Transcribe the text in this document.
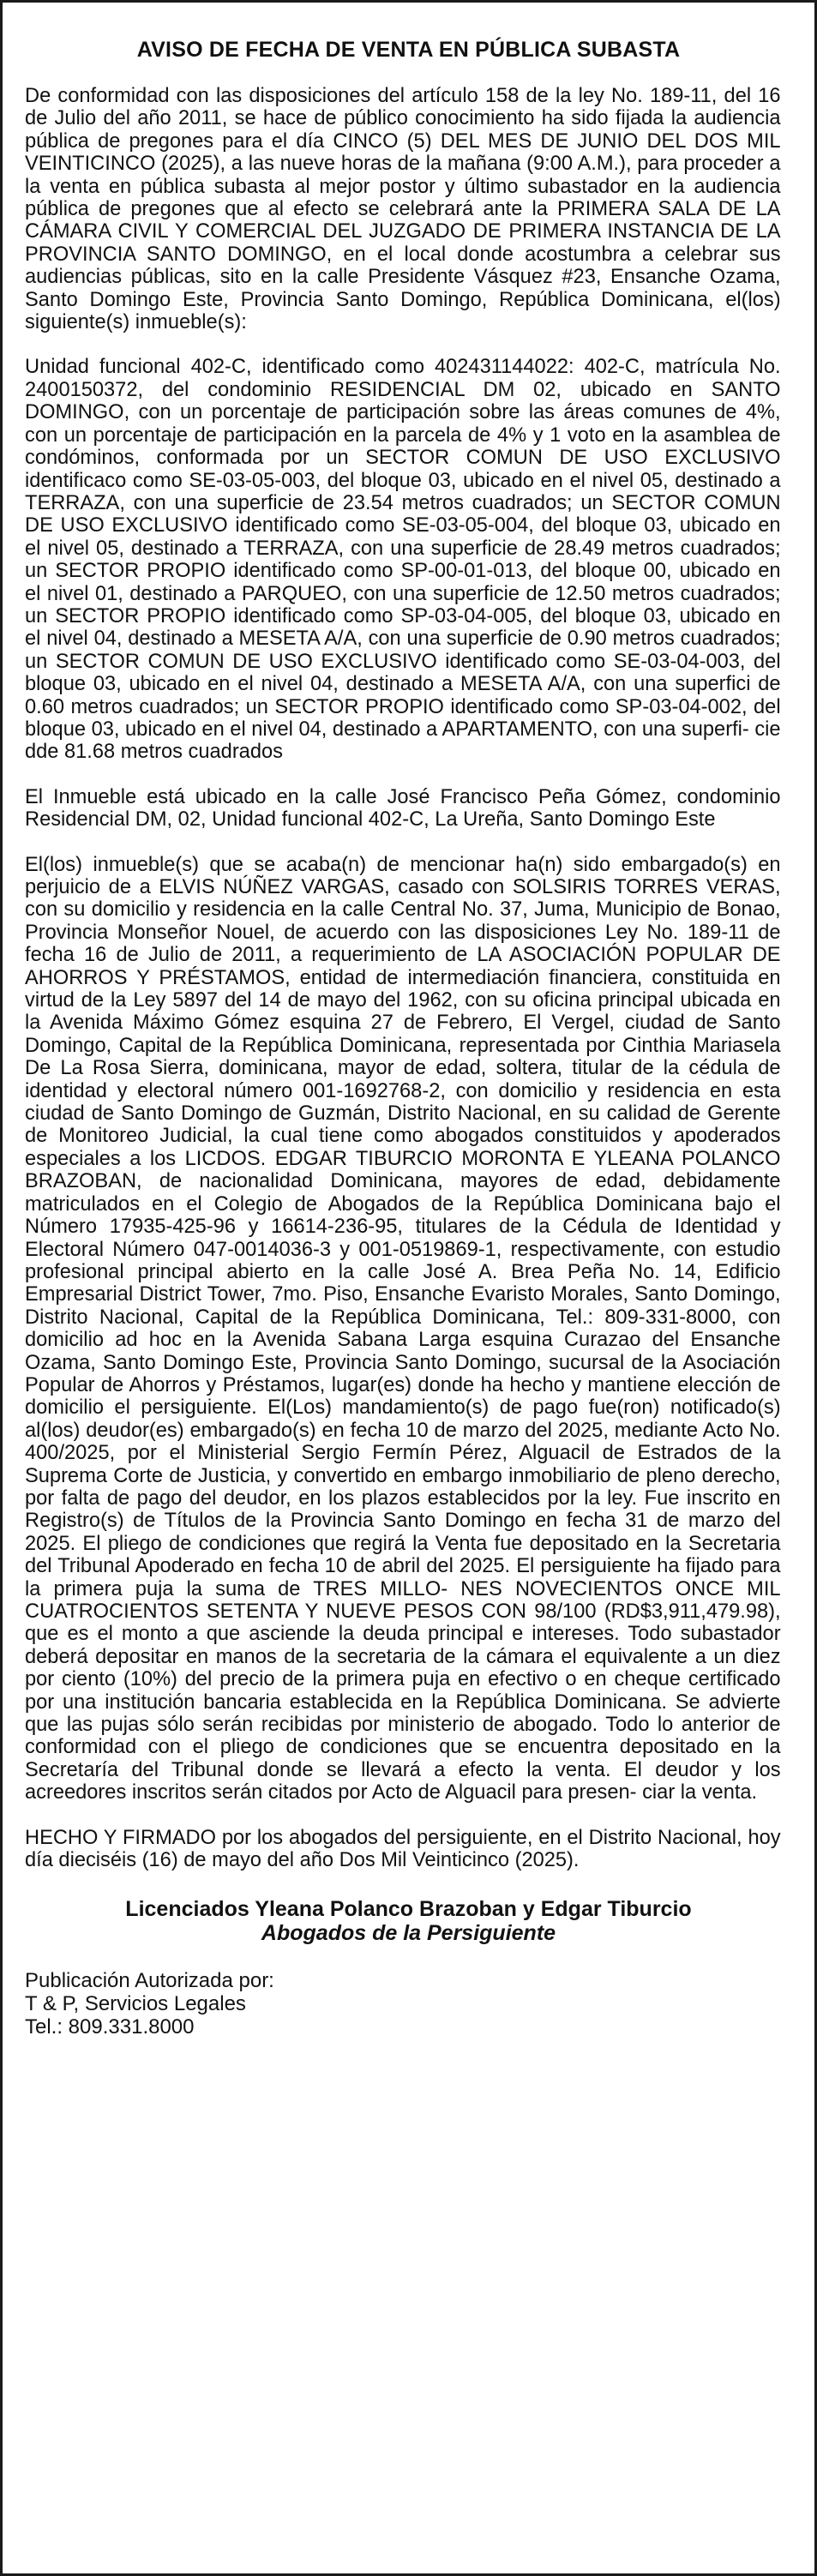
AVISO DE FECHA DE VENTA EN PÚBLICA SUBASTA

De conformidad con las disposiciones del artículo 158 de la ley No. 189-11, del 16 de Julio del año 2011, se hace de público conocimiento ha sido fijada la audiencia pública de pregones para el día CINCO (5) DEL MES DE JUNIO DEL DOS MIL VEINTICINCO (2025), a las nueve horas de la mañana (9:00 A.M.), para proceder a la venta en pública subasta al mejor postor y último subastador en la audiencia pública de pregones que al efecto se celebrará ante la PRIMERA SALA DE LA CÁMARA CIVIL Y COMERCIAL DEL JUZGADO DE PRIMERA INSTANCIA DE LA PROVINCIA SANTO DOMINGO, en el local donde acostumbra a celebrar sus audiencias públicas, sito en la calle Presidente Vásquez #23, Ensanche Ozama, Santo Domingo Este, Provincia Santo Domingo, República Dominicana, el(los) siguiente(s) inmueble(s):

Unidad funcional 402-C, identificado como 402431144022: 402-C, matrícula No. 2400150372, del condominio RESIDENCIAL DM 02, ubicado en SANTO DOMINGO, con un porcentaje de participación sobre las áreas comunes de 4%, con un porcentaje de participación en la parcela de 4% y 1 voto en la asamblea de condóminos, conformada por un SECTOR COMUN DE USO EXCLUSIVO identificaco como SE-03-05-003, del bloque 03, ubicado en el nivel 05, destinado a TERRAZA, con una superficie de 23.54 metros cuadrados; un SECTOR COMUN DE USO EXCLUSIVO identificado como SE-03-05-004, del bloque 03, ubicado en el nivel 05, destinado a TERRAZA, con una superficie de 28.49 metros cuadrados; un SECTOR PROPIO identificado como SP-00-01-013, del bloque 00, ubicado en el nivel 01, destinado a PARQUEO, con una superficie de 12.50 metros cuadrados; un SECTOR PROPIO identificado como SP-03-04-005, del bloque 03, ubicado en el nivel 04, destinado a MESETA A/A, con una superficie de 0.90 metros cuadrados; un SECTOR COMUN DE USO EXCLUSIVO identificado como SE-03-04-003, del bloque 03, ubicado en el nivel 04, destinado a MESETA A/A, con una superfici de 0.60 metros cuadrados; un SECTOR PROPIO identificado como SP-03-04-002, del bloque 03, ubicado en el nivel 04, destinado a APARTAMENTO, con una superfi- cie dde 81.68 metros cuadrados

El Inmueble está ubicado en la calle José Francisco Peña Gómez, condominio Residencial DM, 02, Unidad funcional 402-C, La Ureña, Santo Domingo Este

El(los) inmueble(s) que se acaba(n) de mencionar ha(n) sido embargado(s) en perjuicio de a ELVIS NÚÑEZ VARGAS, casado con SOLSIRIS TORRES VERAS, con su domicilio y residencia en la calle Central No. 37, Juma, Municipio de Bonao, Provincia Monseñor Nouel, de acuerdo con las disposiciones Ley No. 189-11 de fecha 16 de Julio de 2011, a requerimiento de LA ASOCIACIÓN POPULAR DE AHORROS Y PRÉSTAMOS, entidad de intermediación financiera, constituida en virtud de la Ley 5897 del 14 de mayo del 1962, con su oficina principal ubicada en la Avenida Máximo Gómez esquina 27 de Febrero, El Vergel, ciudad de Santo Domingo, Capital de la República Dominicana, representada por Cinthia Mariasela De La Rosa Sierra, dominicana, mayor de edad, soltera, titular de la cédula de identidad y electoral número 001-1692768-2, con domicilio y residencia en esta ciudad de Santo Domingo de Guzmán, Distrito Nacional, en su calidad de Gerente de Monitoreo Judicial, la cual tiene como abogados constituidos y apoderados especiales a los LICDOS. EDGAR TIBURCIO MORONTA E YLEANA POLANCO BRAZOBAN, de nacionalidad Dominicana, mayores de edad, debidamente matriculados en el Colegio de Abogados de la República Dominicana bajo el Número 17935-425-96 y 16614-236-95, titulares de la Cédula de Identidad y Electoral Número 047-0014036-3 y 001-0519869-1, respectivamente, con estudio profesional principal abierto en la calle José A. Brea Peña No. 14, Edificio Empresarial District Tower, 7mo. Piso, Ensanche Evaristo Morales, Santo Domingo, Distrito Nacional, Capital de la República Dominicana, Tel.: 809-331-8000, con domicilio ad hoc en la Avenida Sabana Larga esquina Curazao del Ensanche Ozama, Santo Domingo Este, Provincia Santo Domingo, sucursal de la Asociación Popular de Ahorros y Préstamos, lugar(es) donde ha hecho y mantiene elección de domicilio el persiguiente. El(Los) mandamiento(s) de pago fue(ron) notificado(s) al(los) deudor(es) embargado(s) en fecha 10 de marzo del 2025, mediante Acto No. 400/2025, por el Ministerial Sergio Fermín Pérez, Alguacil de Estrados de la Suprema Corte de Justicia, y convertido en embargo inmobiliario de pleno derecho, por falta de pago del deudor, en los plazos establecidos por la ley. Fue inscrito en Registro(s) de Títulos de la Provincia Santo Domingo en fecha 31 de marzo del 2025. El pliego de condiciones que regirá la Venta fue depositado en la Secretaria del Tribunal Apoderado en fecha 10 de abril del 2025. El persiguiente ha fijado para la primera puja la suma de TRES MILLO- NES NOVECIENTOS ONCE MIL CUATROCIENTOS SETENTA Y NUEVE PESOS CON 98/100 (RD$3,911,479.98), que es el monto a que asciende la deuda principal e intereses. Todo subastador deberá depositar en manos de la secretaria de la cámara el equivalente a un diez por ciento (10%) del precio de la primera puja en efectivo o en cheque certificado por una institución bancaria establecida en la República Dominicana. Se advierte que las pujas sólo serán recibidas por ministerio de abogado. Todo lo anterior de conformidad con el pliego de condiciones que se encuentra depositado en la Secretaría del Tribunal donde se llevará a efecto la venta. El deudor y los acreedores inscritos serán citados por Acto de Alguacil para presen- ciar la venta.

HECHO Y FIRMADO por los abogados del persiguiente, en el Distrito Nacional, hoy día dieciséis (16) de mayo del año Dos Mil Veinticinco (2025).

Licenciados Yleana Polanco Brazoban y Edgar Tiburcio
Abogados de la Persiguiente
Publicación Autorizada por:
T & P, Servicios Legales
Tel.: 809.331.8000
